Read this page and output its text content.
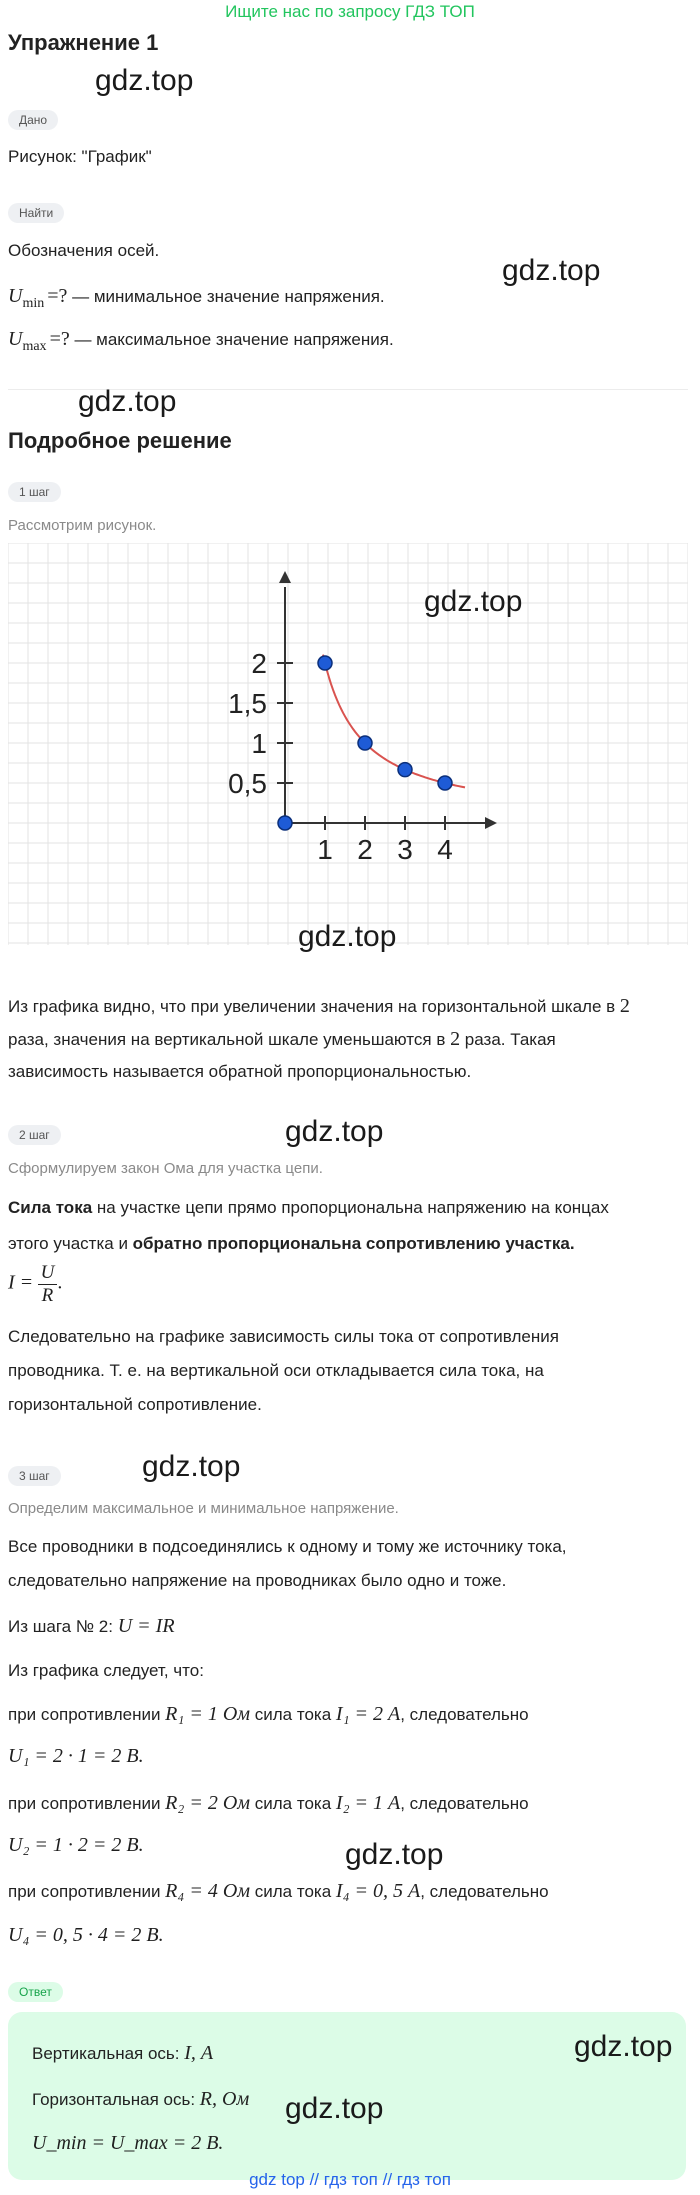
Ищите нас по запросу ГДЗ ТОП
Упражнение 1
gdz.top
Дано
Рисунок: "График"
Найти
Обозначения осей.
gdz.top
$U_{min}$ =? — минимальное значение напряжения.
$U_{max}$ =? — максимальное значение напряжения.
gdz.top
Подробное решение
1 шаг
Рассмотрим рисунок.
1 2 3 4
0,5
1
1,5
2
gdz.top
gdz.top
Из графика видно, что при увеличении значения на горизонтальной шкале в 2
раза, значения на вертикальной шкале уменьшаются в 2 раза. Такая
зависимость называется обратной пропорциональностью.
2 шаг	gdz.top
Сформулируем закон Ома для участка цепи.
Сила тока на участке цепи прямо пропорциональна напряжению на концах
этого участка и обратно пропорциональна сопротивлению участка.
$I = \frac{U}{R}$ .
Следовательно на графике зависимость силы тока от сопротивления
проводника. Т. е. на вертикальной оси откладывается сила тока, на
горизонтальной сопротивление.
3 шаг	gdz.top
Определим максимальное и минимальное напряжение.
Все проводники в подсоединялись к одному и тому же источнику тока,
следовательно напряжение на проводниках было одно и тоже.
Из шага № 2: U = IR
Из графика следует, что:
при сопротивлении R₁ = 1 Ом сила тока I₁ = 2 А, следовательно
U₁ = 2 · 1 = 2 В.
при сопротивлении R₂ = 2 Ом сила тока I₂ = 1 А, следовательно
U₂ = 1 · 2 = 2 В.	gdz.top
при сопротивлении R₄ = 4 Ом сила тока I₄ = 0, 5 А, следовательно
U₄ = 0, 5 · 4 = 2 В.
Ответ
Вертикальная ось: I, А	gdz.top
Горизонтальная ось: R, Ом gdz.top
U_min = U_max = 2 В.
gdz top // гдз топ // гдз топ
